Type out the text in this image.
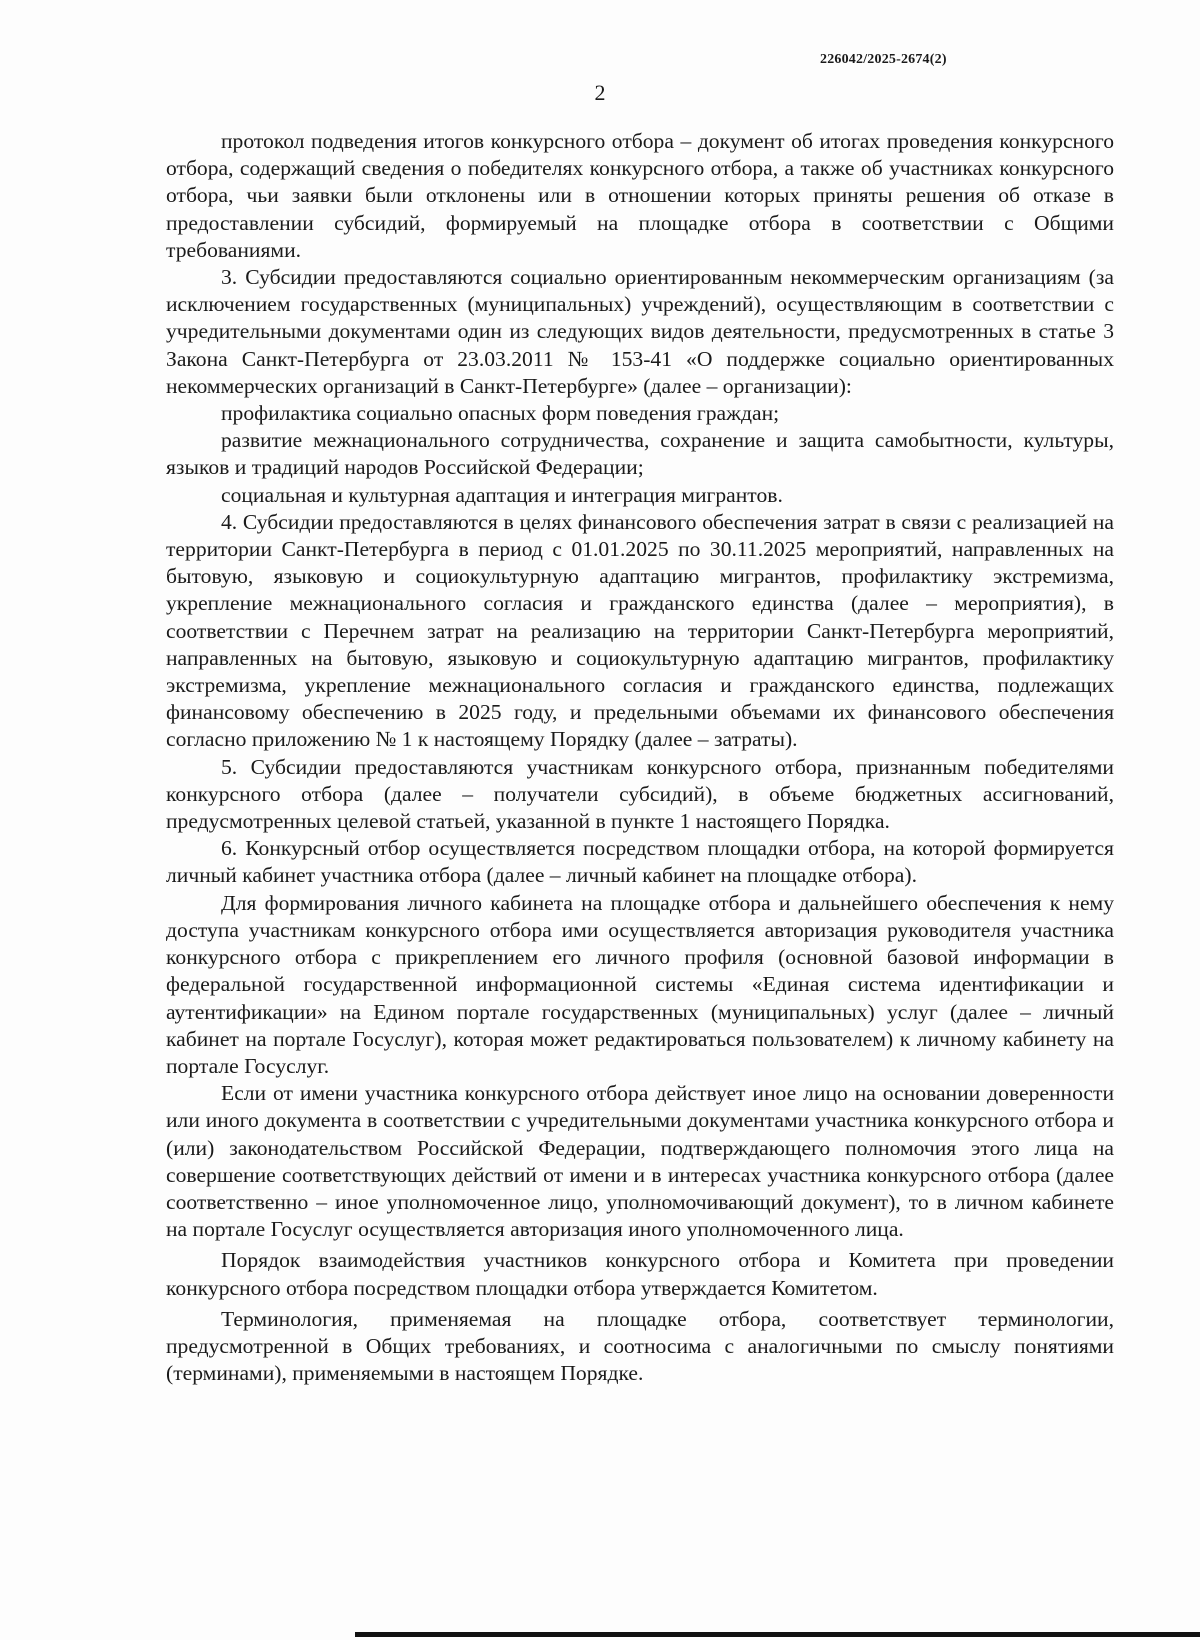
226042/2025-2674(2)
2

протокол подведения итогов конкурсного отбора – документ об итогах проведения конкурсного отбора, содержащий сведения о победителях конкурсного отбора, а также об участниках конкурсного отбора, чьи заявки были отклонены или в отношении которых приняты решения об отказе в предоставлении субсидий, формируемый на площадке отбора в соответствии с Общими требованиями.

3. Субсидии предоставляются социально ориентированным некоммерческим организациям (за исключением государственных (муниципальных) учреждений), осуществляющим в соответствии с учредительными документами один из следующих видов деятельности, предусмотренных в статье 3 Закона Санкт-Петербурга от 23.03.2011 № 153-41 «О поддержке социально ориентированных некоммерческих организаций в Санкт-Петербурге» (далее – организации):

профилактика социально опасных форм поведения граждан;

развитие межнационального сотрудничества, сохранение и защита самобытности, культуры, языков и традиций народов Российской Федерации;

социальная и культурная адаптация и интеграция мигрантов.

4. Субсидии предоставляются в целях финансового обеспечения затрат в связи с реализацией на территории Санкт-Петербурга в период с 01.01.2025 по 30.11.2025 мероприятий, направленных на бытовую, языковую и социокультурную адаптацию мигрантов, профилактику экстремизма, укрепление межнационального согласия и гражданского единства (далее – мероприятия), в соответствии с Перечнем затрат на реализацию на территории Санкт-Петербурга мероприятий, направленных на бытовую, языковую и социокультурную адаптацию мигрантов, профилактику экстремизма, укрепление межнационального согласия и гражданского единства, подлежащих финансовому обеспечению в 2025 году, и предельными объемами их финансового обеспечения согласно приложению № 1 к настоящему Порядку (далее – затраты).

5. Субсидии предоставляются участникам конкурсного отбора, признанным победителями конкурсного отбора (далее – получатели субсидий), в объеме бюджетных ассигнований, предусмотренных целевой статьей, указанной в пункте 1 настоящего Порядка.

6. Конкурсный отбор осуществляется посредством площадки отбора, на которой формируется личный кабинет участника отбора (далее – личный кабинет на площадке отбора).

Для формирования личного кабинета на площадке отбора и дальнейшего обеспечения к нему доступа участникам конкурсного отбора ими осуществляется авторизация руководителя участника конкурсного отбора с прикреплением его личного профиля (основной базовой информации в федеральной государственной информационной системы «Единая система идентификации и аутентификации» на Едином портале государственных (муниципальных) услуг (далее – личный кабинет на портале Госуслуг), которая может редактироваться пользователем) к личному кабинету на портале Госуслуг.

Если от имени участника конкурсного отбора действует иное лицо на основании доверенности или иного документа в соответствии с учредительными документами участника конкурсного отбора и (или) законодательством Российской Федерации, подтверждающего полномочия этого лица на совершение соответствующих действий от имени и в интересах участника конкурсного отбора (далее соответственно – иное уполномоченное лицо, уполномочивающий документ), то в личном кабинете на портале Госуслуг осуществляется авторизация иного уполномоченного лица.

Порядок взаимодействия участников конкурсного отбора и Комитета при проведении конкурсного отбора посредством площадки отбора утверждается Комитетом.

Терминология, применяемая на площадке отбора, соответствует терминологии, предусмотренной в Общих требованиях, и соотносима с аналогичными по смыслу понятиями (терминами), применяемыми в настоящем Порядке.
